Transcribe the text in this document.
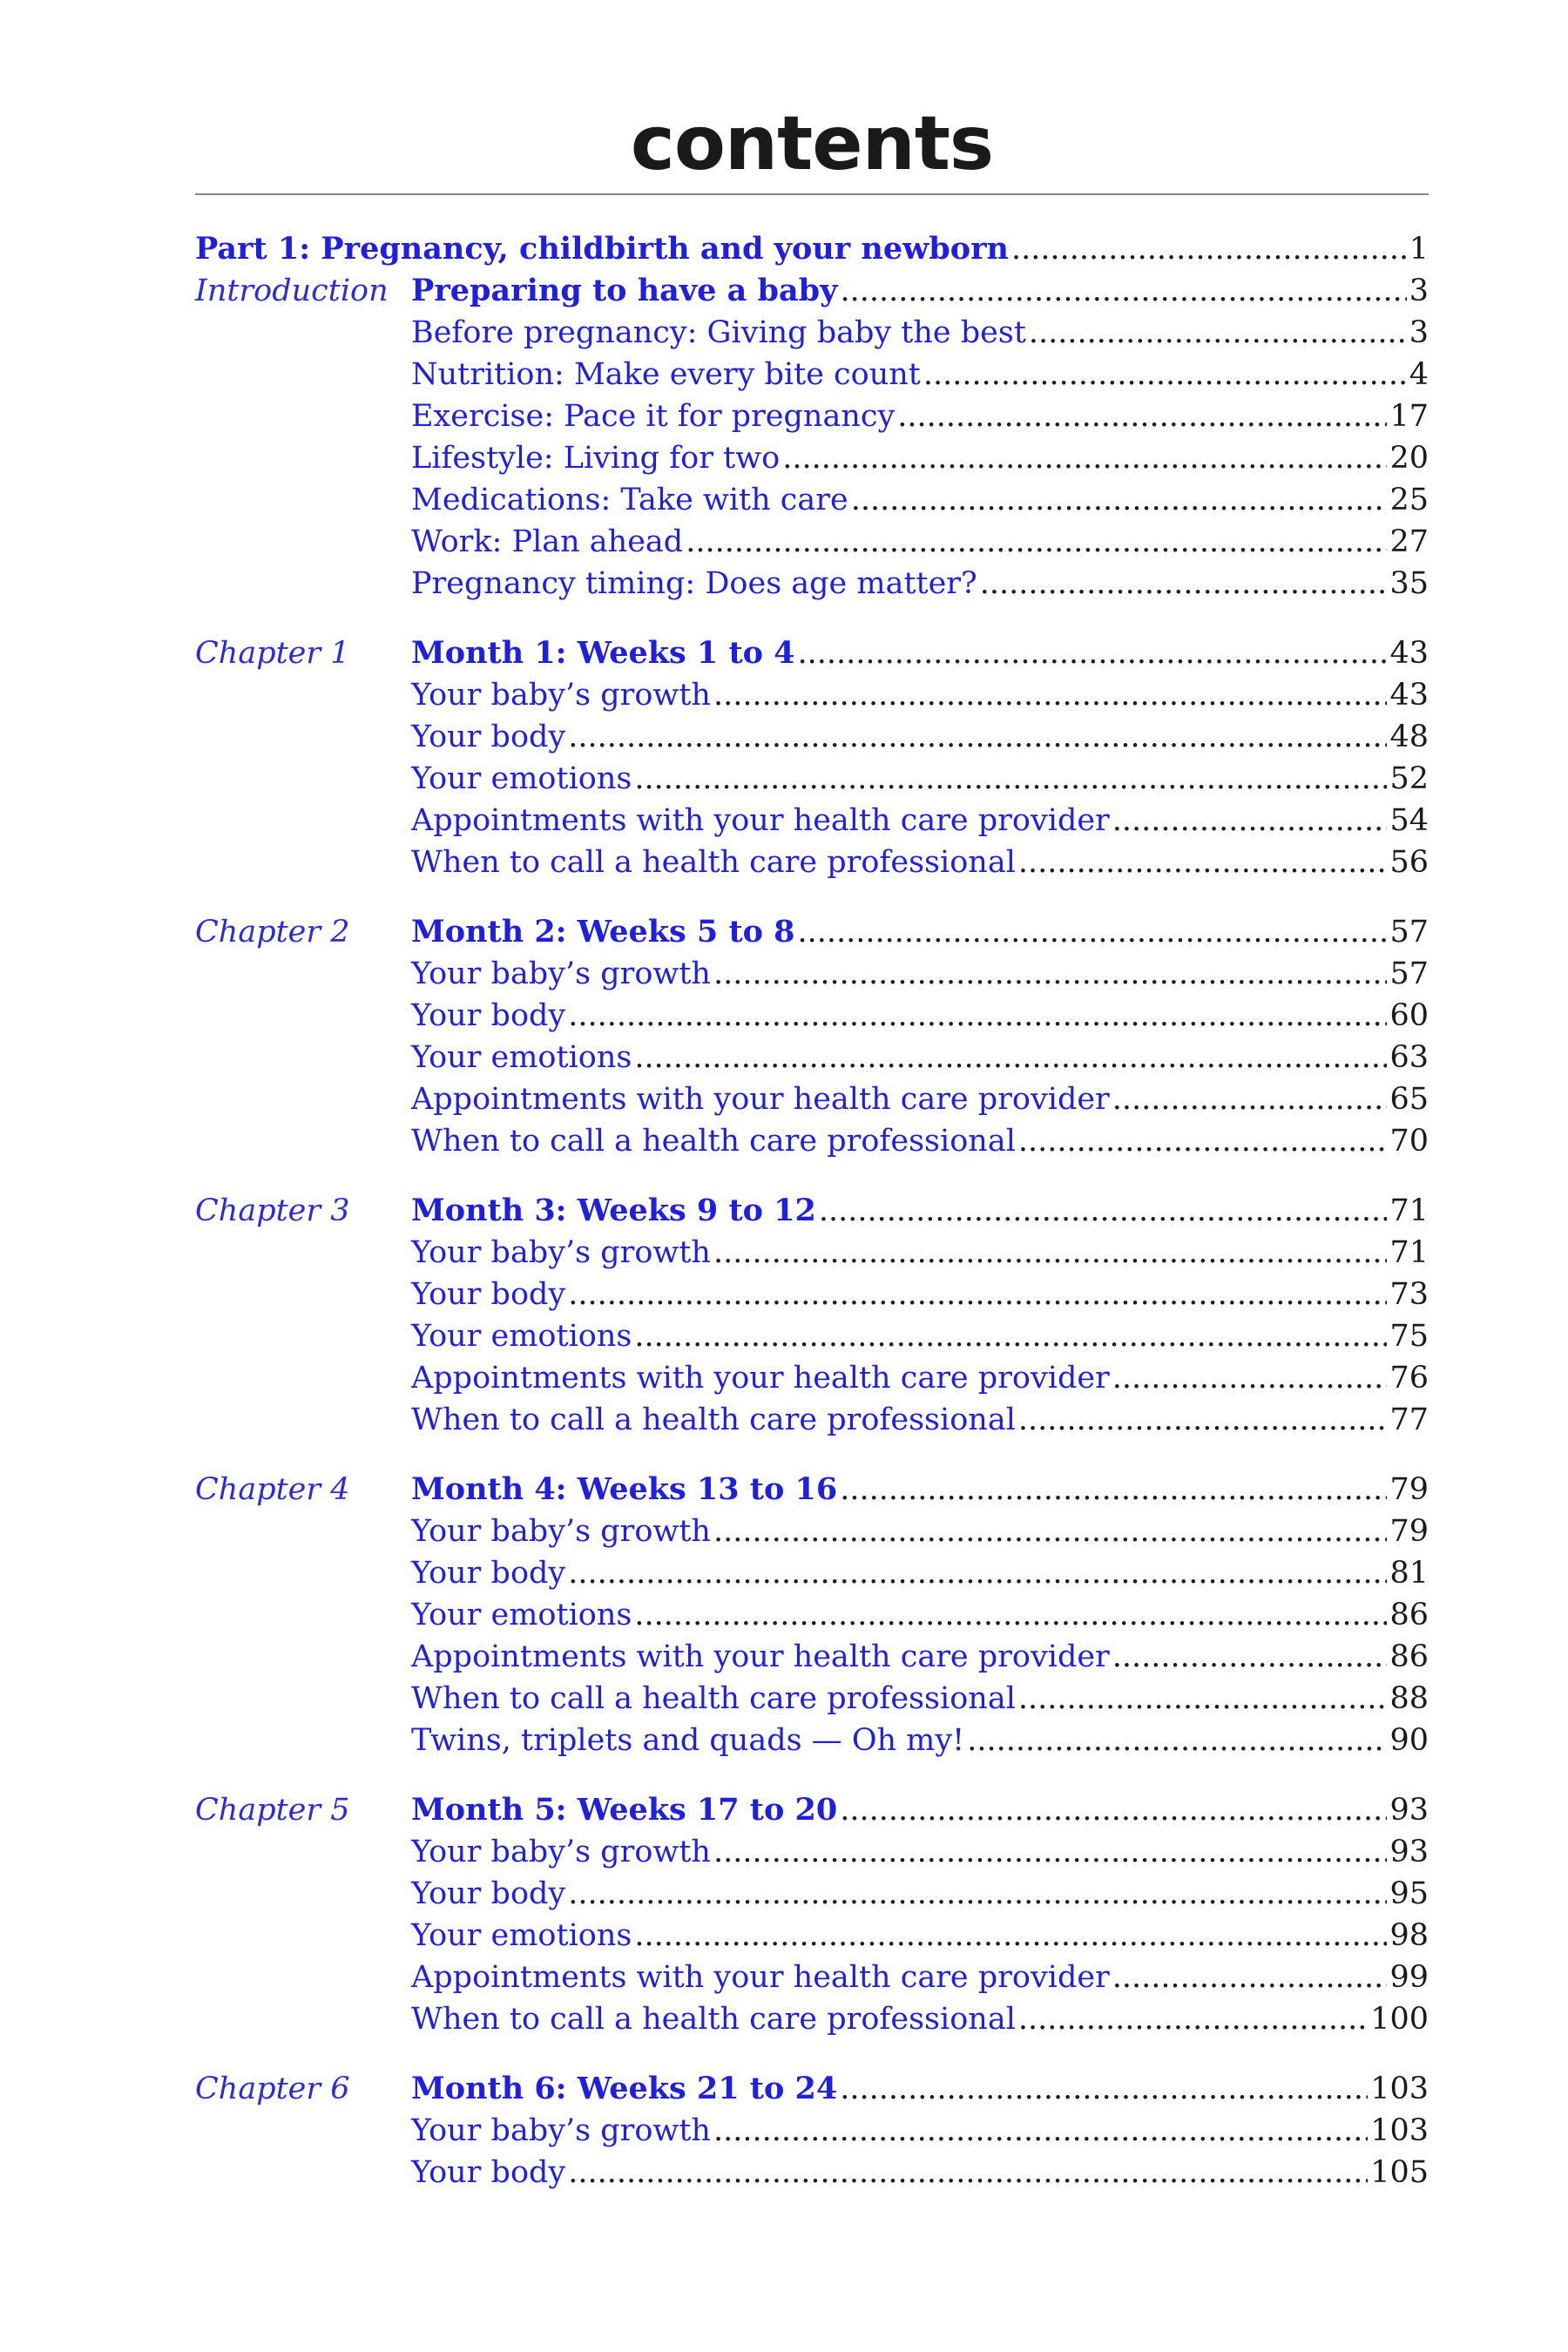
contents
Part 1: Pregnancy, childbirth and your newborn .....	1
Introduction Preparing to have a baby .....	3
Before pregnancy: Giving baby the best .....	3
Nutrition: Make every bite count .....	4
Exercise: Pace it for pregnancy .....	17
Lifestyle: Living for two .....	20
Medications: Take with care .....	25
Work: Plan ahead .....	27
Pregnancy timing: Does age matter? .....	35
Chapter 1	Month 1: Weeks 1 to 4 .....	43
Your baby’s growth .....	43
Your body .....	48
Your emotions .....	52
Appointments with your health care provider .....	54
When to call a health care professional .....	56
Chapter 2	Month 2: Weeks 5 to 8 .....	57
Your baby’s growth .....	57
Your body .....	60
Your emotions .....	63
Appointments with your health care provider .....	65
When to call a health care professional .....	70
Chapter 3	Month 3: Weeks 9 to 12 .....	71
Your baby’s growth .....	71
Your body .....	73
Your emotions .....	75
Appointments with your health care provider .....	76
When to call a health care professional .....	77
Chapter 4	Month 4: Weeks 13 to 16 .....	79
Your baby’s growth .....	79
Your body .....	81
Your emotions .....	86
Appointments with your health care provider .....	86
When to call a health care professional .....	88
Twins, triplets and quads — Oh my! .....	90
Chapter 5	Month 5: Weeks 17 to 20 .....	93
Your baby’s growth .....	93
Your body .....	95
Your emotions .....	98
Appointments with your health care provider .....	99
When to call a health care professional .....	100
Chapter 6	Month 6: Weeks 21 to 24 .....	103
Your baby’s growth .....	103
Your body .....	105
